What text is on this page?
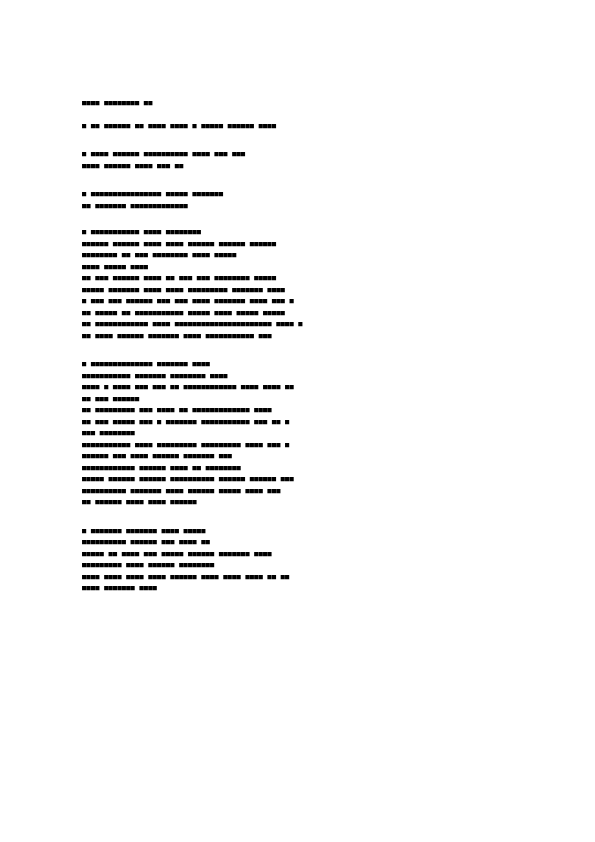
■■■■ ■■■■■■■■ ■■
■ ■■ ■■■■■■ ■■ ■■■■ ■■■■ ■ ■■■■■ ■■■■■■ ■■■■
■ ■■■■ ■■■■■■ ■■■■■■■■■■ ■■■■ ■■■ ■■■
■■■■ ■■■■■■ ■■■■ ■■■ ■■
■ ■■■■■■■■■■■■■■■■ ■■■■■ ■■■■■■■
■■ ■■■■■■■ ■■■■■■■■■■■■■
■ ■■■■■■■■■■■ ■■■■ ■■■■■■■■
■■■■■■ ■■■■■■ ■■■■ ■■■■ ■■■■■■ ■■■■■■ ■■■■■■
■■■■■■■■ ■■ ■■■ ■■■■■■■■ ■■■■ ■■■■■
■■■■ ■■■■■ ■■■■
■■ ■■■ ■■■■■■ ■■■■ ■■ ■■■ ■■■ ■■■■■■■■ ■■■■■
■■■■■ ■■■■■■■ ■■■■ ■■■■ ■■■■■■■■■ ■■■■■■■ ■■■■
■ ■■■ ■■■ ■■■■■■ ■■■ ■■■ ■■■■ ■■■■■■■ ■■■■ ■■■ ■
■■ ■■■■■ ■■ ■■■■■■■■■■■ ■■■■■ ■■■■ ■■■■■ ■■■■■
■■ ■■■■■■■■■■■■ ■■■■ ■■■■■■■■■■■■■■■■■■■■■■ ■■■■ ■
■■ ■■■■ ■■■■■■ ■■■■■■■ ■■■■ ■■■■■■■■■■■ ■■■
■ ■■■■■■■■■■■■■■ ■■■■■■■ ■■■■
■■■■■■■■■■■ ■■■■■■■ ■■■■■■■■ ■■■■
■■■■ ■ ■■■■ ■■■ ■■■ ■■ ■■■■■■■■■■■■ ■■■■ ■■■■ ■■
■■ ■■■ ■■■■■■
■■ ■■■■■■■■■ ■■■ ■■■■ ■■ ■■■■■■■■■■■■■ ■■■■
■■ ■■■ ■■■■■ ■■■ ■ ■■■■■■■ ■■■■■■■■■■■ ■■■ ■■ ■
■■■ ■■■■■■■■
■■■■■■■■■■■ ■■■■ ■■■■■■■■■ ■■■■■■■■■ ■■■■ ■■■ ■
■■■■■■ ■■■ ■■■■ ■■■■■■ ■■■■■■■ ■■■
■■■■■■■■■■■■ ■■■■■■ ■■■■ ■■ ■■■■■■■■
■■■■■ ■■■■■■ ■■■■■■ ■■■■■■■■■■ ■■■■■■ ■■■■■■ ■■■
■■■■■■■■■■ ■■■■■■■ ■■■■ ■■■■■■ ■■■■■ ■■■■ ■■■
■■ ■■■■■■ ■■■■ ■■■■ ■■■■■■
■ ■■■■■■■ ■■■■■■■ ■■■■ ■■■■■
■■■■■■■■■■ ■■■■■■ ■■■ ■■■■ ■■
■■■■■ ■■ ■■■■ ■■■ ■■■■■ ■■■■■■ ■■■■■■■ ■■■■
■■■■■■■■■ ■■■■ ■■■■■■ ■■■■■■■■
■■■■ ■■■■ ■■■■ ■■■■ ■■■■■■ ■■■■ ■■■■ ■■■■ ■■ ■■
■■■■ ■■■■■■■ ■■■■
